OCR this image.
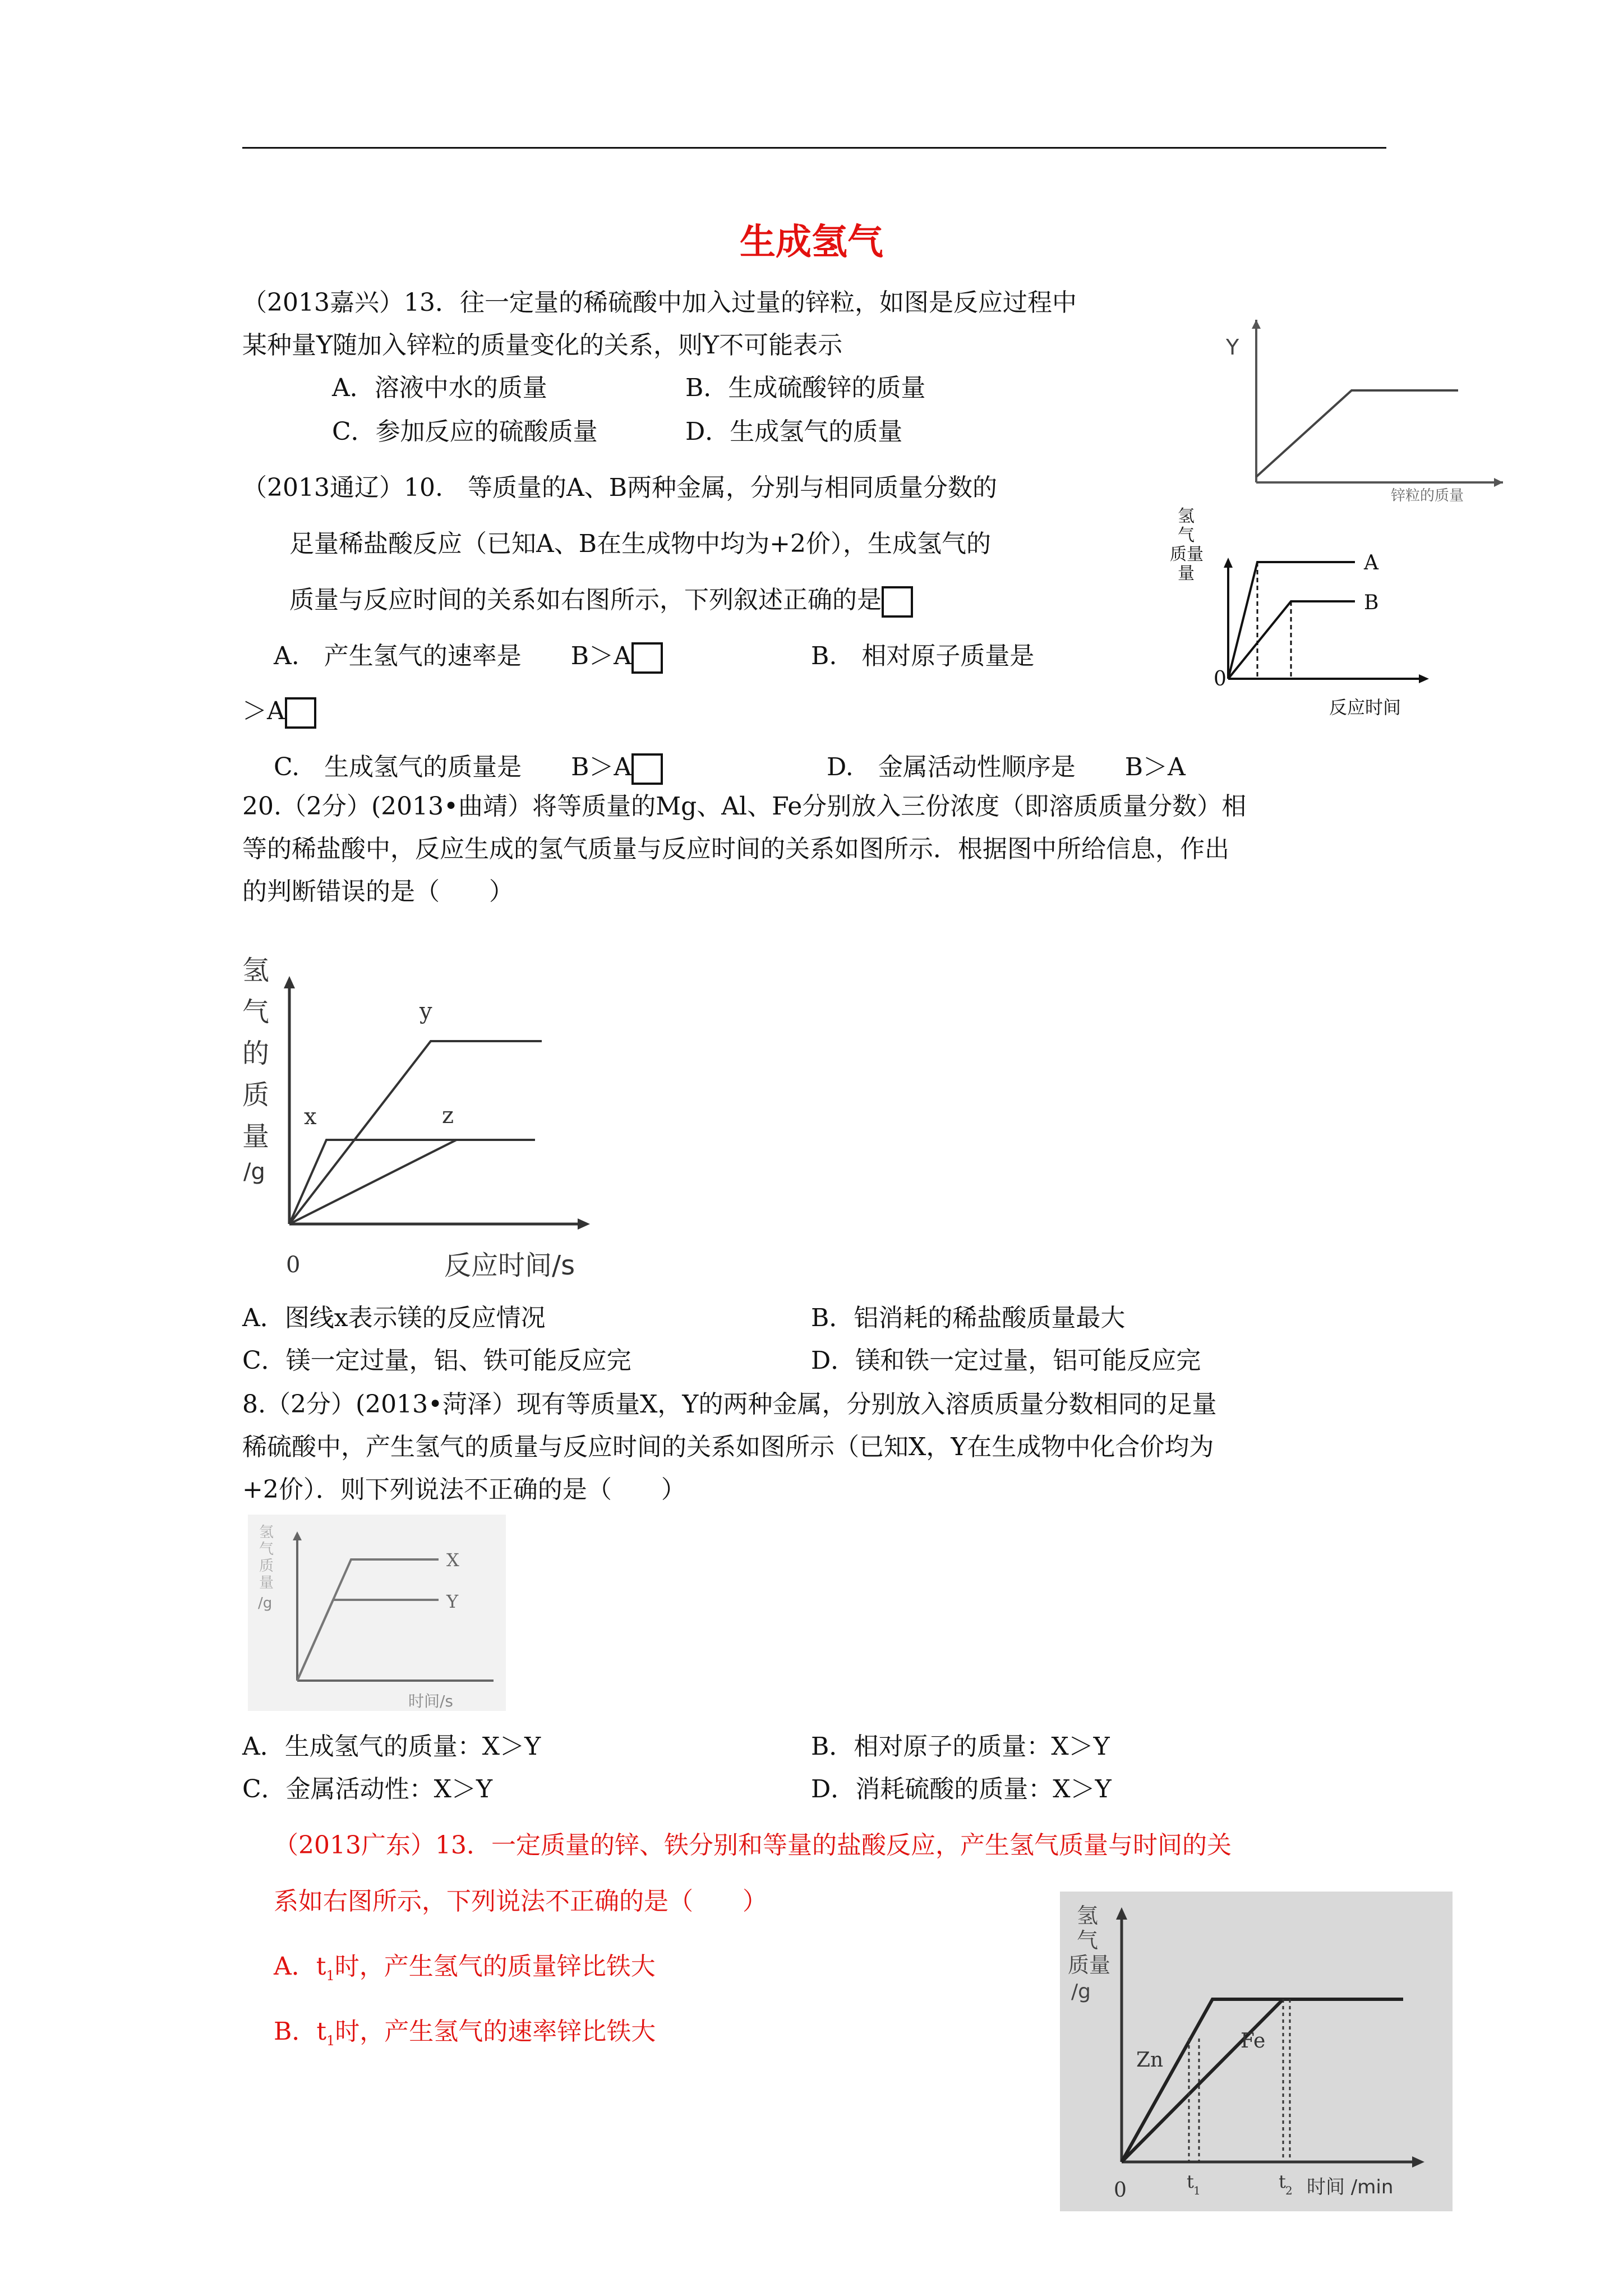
生成氢气
（2013嘉兴）13．往一定量的稀硫酸中加入过量的锌粒，如图是反应过程中
某种量Y随加入锌粒的质量变化的关系，则Y不可能表示
A．溶液中水的质量	B．生成硫酸锌的质量
C．参加反应的硫酸质量	D．生成氢气的质量
Y
锌粒的质量
（2013通辽）10.　等质量的A、B两种金属，分别与相同质量分数的
足量稀盐酸反应（已知A、B在生成物中均为+2价），生成氢气的
质量与反应时间的关系如右图所示，下列叙述正确的是
A.　产生氢气的速率是　　B＞A	B.　相对原子质量是
＞A
C.　生成氢气的质量是　　B＞A	D.　金属活动性顺序是　　B＞A
A
B
0
氢
气
质量
量
反应时间
20.（2分）(2013•曲靖）将等质量的Mg、Al、Fe分别放入三份浓度（即溶质质量分数）相
等的稀盐酸中，反应生成的氢气质量与反应时间的关系如图所示．根据图中所给信息，作出
的判断错误的是（　　）
x
y
z
0	反应时间/s
氢
气
的
质
量
/g
A．图线x表示镁的反应情况	B．铝消耗的稀盐酸质量最大
C．镁一定过量，铝、铁可能反应完	D．镁和铁一定过量，铝可能反应完
8.（2分）(2013•菏泽）现有等质量X，Y的两种金属，分别放入溶质质量分数相同的足量
稀硫酸中，产生氢气的质量与反应时间的关系如图所示（已知X，Y在生成物中化合价均为
+2价）．则下列说法不正确的是（　　）
X
Y
氢
气
质
量
/g
时间/s
A．生成氢气的质量：X＞Y	B．相对原子的质量：X＞Y
C．金属活动性：X＞Y	D．消耗硫酸的质量：X＞Y
（2013广东）13．一定质量的锌、铁分别和等量的盐酸反应，产生氢气质量与时间的关
系如右图所示，下列说法不正确的是（　　）
A．$t_1$时，产生氢气的质量锌比铁大
B．$t_1$时，产生氢气的速率锌比铁大
Zn
Fe
0	t 1	t 2 时间 /min
氢
气
质量
/g
